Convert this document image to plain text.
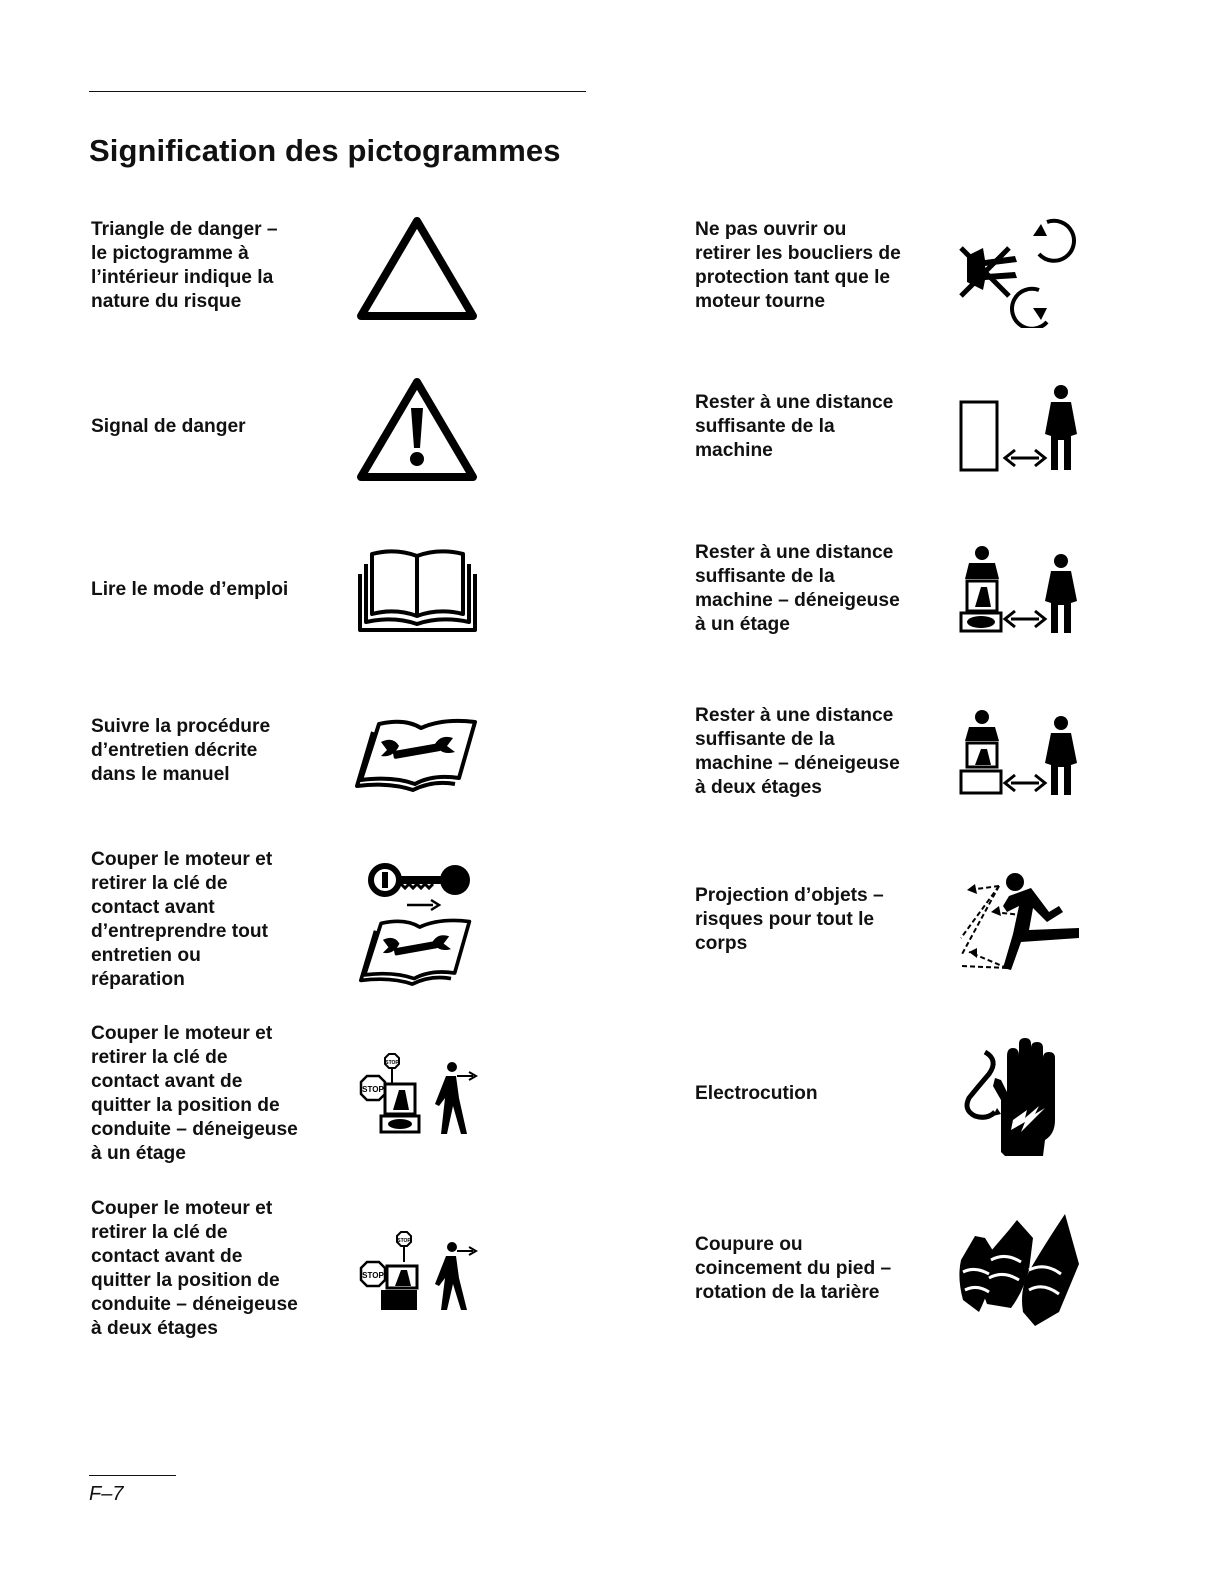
Signification des pictogrammes

Triangle de danger –
le pictogramme à
l’intérieur indique la
nature du risque

Signal de danger

Lire le mode d’emploi

Suivre la procédure
d’entretien décrite
dans le manuel

Couper le moteur et
retirer la clé de
contact avant
d’entreprendre tout
entretien ou
réparation

Couper le moteur et
retirer la clé de
contact avant de
quitter la position de
conduite – déneigeuse
à un étage

Couper le moteur et
retirer la clé de
contact avant de
quitter la position de
conduite – déneigeuse
à deux étages

Ne pas ouvrir ou
retirer les boucliers de
protection tant que le
moteur tourne

Rester à une distance
suffisante de la
machine

Rester à une distance
suffisante de la
machine – déneigeuse
à un étage

Rester à une distance
suffisante de la
machine – déneigeuse
à deux étages

Projection d’objets –
risques pour tout le
corps

Electrocution

Coupure ou
coincement du pied –
rotation de la tarière

STOP
STOP
STOP
STOP
F–7
